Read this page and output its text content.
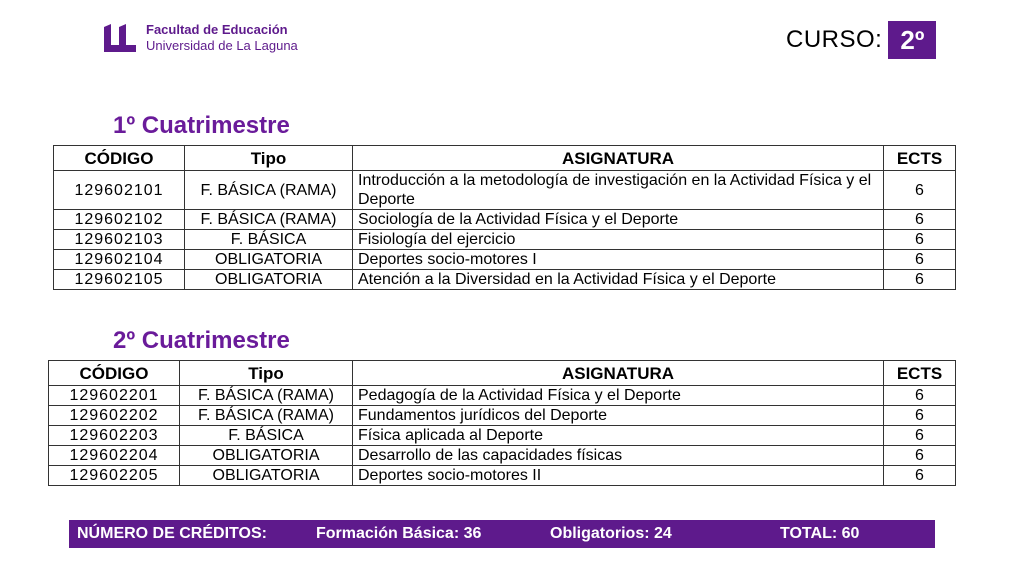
Facultad de Educación
Universidad de La Laguna	CURSO: 2º
1º Cuatrimestre
CÓDIGO	Tipo	ASIGNATURA	ECTS
129602101	F. BÁSICA (RAMA)	Introducción a la metodología de investigación en la Actividad Física y el Deporte	6
129602102	F. BÁSICA (RAMA)	Sociología de la Actividad Física y el Deporte	6
129602103	F. BÁSICA	Fisiología del ejercicio	6
129602104	OBLIGATORIA	Deportes socio-motores I	6
129602105	OBLIGATORIA	Atención a la Diversidad en la Actividad Física y el Deporte	6
2º Cuatrimestre
CÓDIGO	Tipo	ASIGNATURA	ECTS
129602201	F. BÁSICA (RAMA)	Pedagogía de la Actividad Física y el Deporte	6
129602202	F. BÁSICA (RAMA)	Fundamentos jurídicos del Deporte	6
129602203	F. BÁSICA	Física aplicada al Deporte	6
129602204	OBLIGATORIA	Desarrollo de las capacidades físicas	6
129602205	OBLIGATORIA	Deportes socio-motores II	6
NÚMERO DE CRÉDITOS:	Formación Básica: 36	Obligatorios: 24	TOTAL: 60
